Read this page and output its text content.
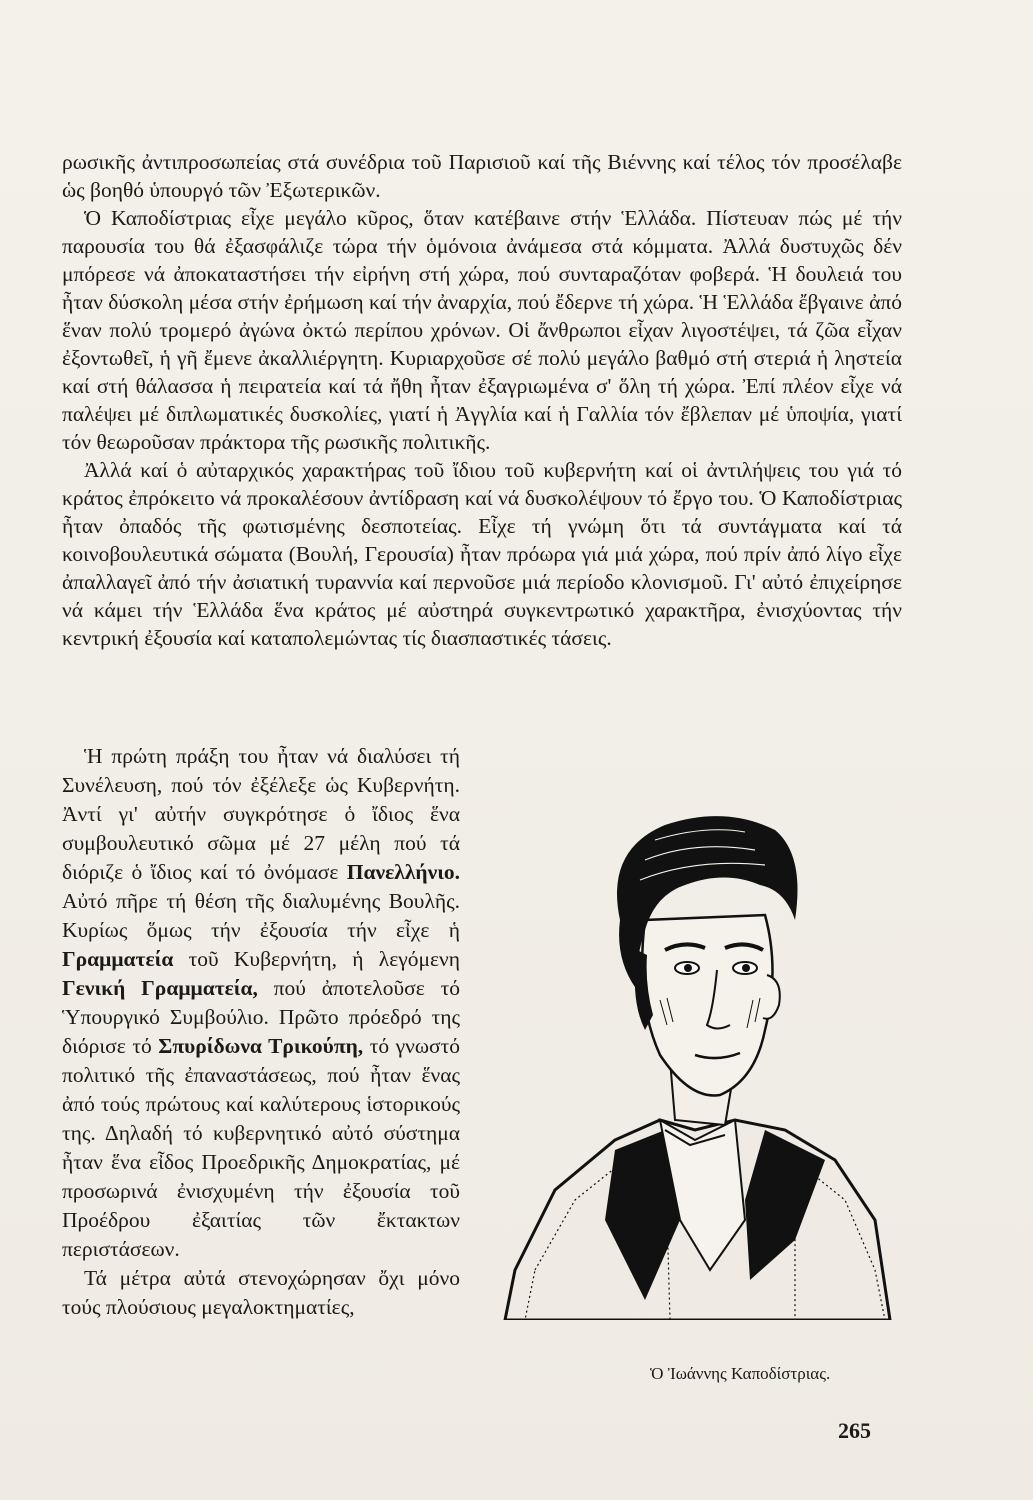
ρωσικῆς ἀντιπροσωπείας στά συνέδρια τοῦ Παρισιοῦ καί τῆς Βιέννης καί τέλος τόν προσέλαβε ὡς βοηθό ὑπουργό τῶν Ἐξωτερικῶν.

Ὁ Καποδίστριας εἶχε μεγάλο κῦρος, ὅταν κατέβαινε στήν Ἑλλάδα. Πίστευαν πώς μέ τήν παρουσία του θά ἐξασφάλιζε τώρα τήν ὁμόνοια ἀνάμεσα στά κόμματα. Ἀλλά δυστυχῶς δέν μπόρεσε νά ἀποκαταστήσει τήν εἰρήνη στή χώρα, πού συνταραζόταν φοβερά. Ἡ δουλειά του ἦταν δύσκολη μέσα στήν ἐρήμωση καί τήν ἀναρχία, πού ἔδερνε τή χώρα. Ἡ Ἑλλάδα ἔβγαινε ἀπό ἕναν πολύ τρομερό ἀγώνα ὀκτώ περίπου χρόνων. Οἱ ἄνθρωποι εἶχαν λιγοστέψει, τά ζῶα εἶχαν ἐξοντωθεῖ, ἡ γῆ ἔμενε ἀκαλλιέργητη. Κυριαρχοῦσε σέ πολύ μεγάλο βαθμό στή στεριά ἡ ληστεία καί στή θάλασσα ἡ πειρατεία καί τά ἤθη ἦταν ἐξαγριωμένα σ' ὅλη τή χώρα. Ἐπί πλέον εἶχε νά παλέψει μέ διπλωματικές δυσκολίες, γιατί ἡ Ἀγγλία καί ἡ Γαλλία τόν ἔβλεπαν μέ ὑποψία, γιατί τόν θεωροῦσαν πράκτορα τῆς ρωσικῆς πολιτικῆς.

Ἀλλά καί ὁ αὐταρχικός χαρακτήρας τοῦ ἴδιου τοῦ κυβερνήτη καί οἱ ἀντιλήψεις του γιά τό κράτος ἐπρόκειτο νά προκαλέσουν ἀντίδραση καί νά δυσκολέψουν τό ἔργο του. Ὁ Καποδίστριας ἦταν ὀπαδός τῆς φωτισμένης δεσποτείας. Εἶχε τή γνώμη ὅτι τά συντάγματα καί τά κοινοβουλευτικά σώματα (Βουλή, Γερουσία) ἦταν πρόωρα γιά μιά χώρα, πού πρίν ἀπό λίγο εἶχε ἀπαλλαγεῖ ἀπό τήν ἀσιατική τυραννία καί περνοῦσε μιά περίοδο κλονισμοῦ. Γι' αὐτό ἐπιχείρησε νά κάμει τήν Ἑλλάδα ἕνα κράτος μέ αὐστηρά συγκεντρωτικό χαρακτῆρα, ἐνισχύοντας τήν κεντρική ἐξουσία καί καταπολεμώντας τίς διασπαστικές τάσεις.

Ἡ πρώτη πράξη του ἦταν νά διαλύσει τή Συνέλευση, πού τόν ἐξέλεξε ὡς Κυβερνήτη. Ἀντί γι' αὐτήν συγκρότησε ὁ ἴδιος ἕνα συμβουλευτικό σῶμα μέ 27 μέλη πού τά διόριζε ὁ ἴδιος καί τό ὀνόμασε Πανελλήνιο. Αὐτό πῆρε τή θέση τῆς διαλυμένης Βουλῆς. Κυρίως ὅμως τήν ἐξουσία τήν εἶχε ἡ Γραμματεία τοῦ Κυβερνήτη, ἡ λεγόμενη Γενική Γραμματεία, πού ἀποτελοῦσε τό Ὑπουργικό Συμβούλιο. Πρῶτο πρόεδρό της διόρισε τό Σπυρίδωνα Τρικούπη, τό γνωστό πολιτικό τῆς ἐπαναστάσεως, πού ἦταν ἕνας ἀπό τούς πρώτους καί καλύτερους ἱστορικούς της. Δηλαδή τό κυβερνητικό αὐτό σύστημα ἦταν ἕνα εἶδος Προεδρικῆς Δημοκρατίας, μέ προσωρινά ἐνισχυμένη τήν ἐξουσία τοῦ Προέδρου ἐξαιτίας τῶν ἔκτακτων περιστάσεων.

Τά μέτρα αὐτά στενοχώρησαν ὄχι μόνο τούς πλούσιους μεγαλοκτηματίες,

Ὁ Ἰωάννης Καποδίστριας.
265
